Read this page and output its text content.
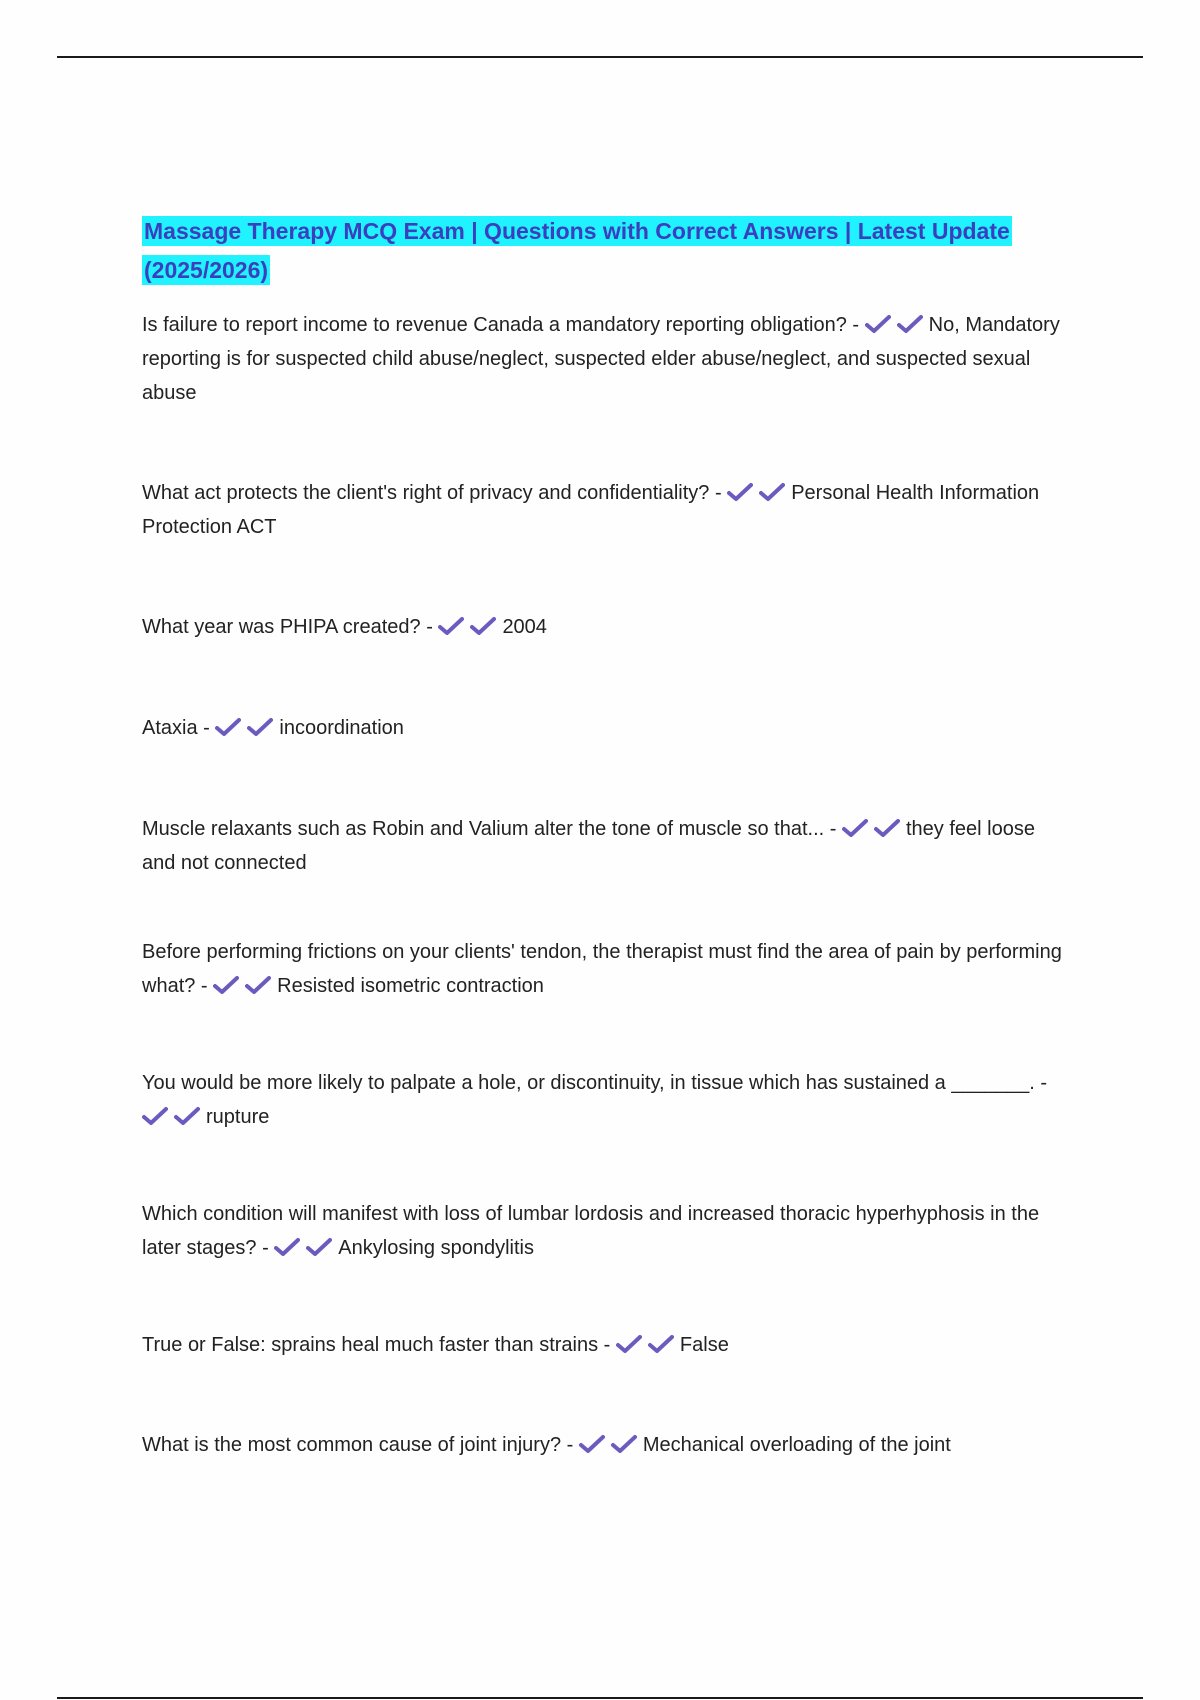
Massage Therapy MCQ Exam | Questions with Correct Answers | Latest Update (2025/2026)

Is failure to report income to revenue Canada a mandatory reporting obligation? -	No, Mandatory reporting is for suspected child abuse/neglect, suspected elder abuse/neglect, and suspected sexual abuse

What act protects the client's right of privacy and confidentiality? -	Personal Health Information Protection ACT

What year was PHIPA created? -	2004

Ataxia -	incoordination

Muscle relaxants such as Robin and Valium alter the tone of muscle so that... -	they feel loose and not connected

Before performing frictions on your clients' tendon, the therapist must find the area of pain by performing what? -	Resisted isometric contraction

You would be more likely to palpate a hole, or discontinuity, in tissue which has sustained a _______. -
rupture

Which condition will manifest with loss of lumbar lordosis and increased thoracic hyperhyphosis in the later stages? -	Ankylosing spondylitis

True or False: sprains heal much faster than strains -	False

What is the most common cause of joint injury? -	Mechanical overloading of the joint
